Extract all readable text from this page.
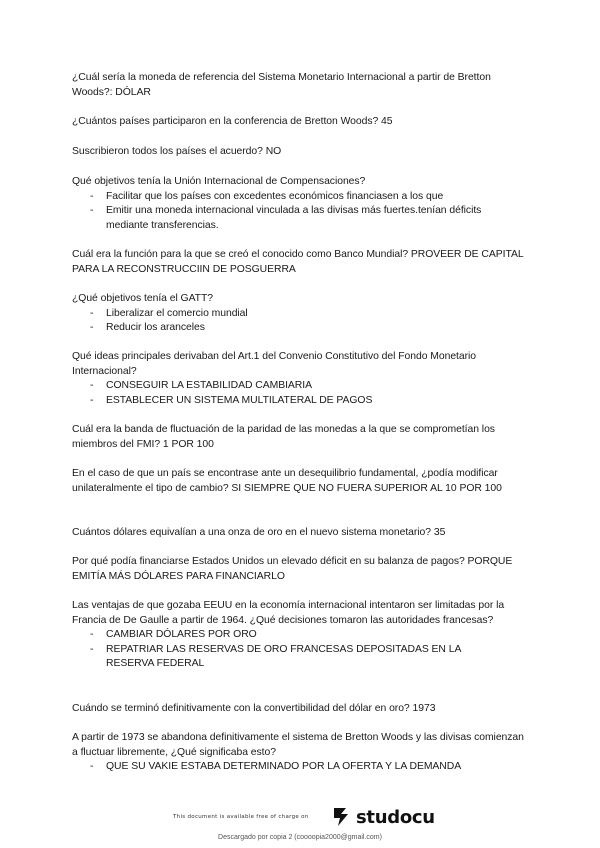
¿Cuál sería la moneda de referencia del Sistema Monetario Internacional a partir de Bretton Woods?: DÓLAR

¿Cuántos países participaron en la conferencia de Bretton Woods? 45

Suscribieron todos los países el acuerdo? NO

Qué objetivos tenía la Unión Internacional de Compensaciones?

- Facilitar que los países con excedentes económicos financiasen a los que
- Emitir una moneda internacional vinculada a las divisas más fuertes.tenían déficits mediante transferencias.

Cuál era la función para la que se creó el conocido como Banco Mundial? PROVEER DE CAPITAL PARA LA RECONSTRUCCIIN DE POSGUERRA

¿Qué objetivos tenía el GATT?

- Liberalizar el comercio mundial
- Reducir los aranceles

Qué ideas principales derivaban del Art.1 del Convenio Constitutivo del Fondo Monetario Internacional?

- CONSEGUIR LA ESTABILIDAD CAMBIARIA
- ESTABLECER UN SISTEMA MULTILATERAL DE PAGOS

Cuál era la banda de fluctuación de la paridad de las monedas a la que se comprometían los miembros del FMI? 1 POR 100

En el caso de que un país se encontrase ante un desequilibrio fundamental, ¿podía modificar unilateralmente el tipo de cambio? SI SIEMPRE QUE NO FUERA SUPERIOR AL 10 POR 100

Cuántos dólares equivalían a una onza de oro en el nuevo sistema monetario? 35

Por qué podía financiarse Estados Unidos un elevado déficit en su balanza de pagos? PORQUE EMITÍA MÁS DÓLARES PARA FINANCIARLO

Las ventajas de que gozaba EEUU en la economía internacional intentaron ser limitadas por la Francia de De Gaulle a partir de 1964. ¿Qué decisiones tomaron las autoridades francesas?

- CAMBIAR DÓLARES POR ORO
- REPATRIAR LAS RESERVAS DE ORO FRANCESAS DEPOSITADAS EN LA RESERVA FEDERAL

Cuándo se terminó definitivamente con la convertibilidad del dólar en oro? 1973

A partir de 1973 se abandona definitivamente el sistema de Bretton Woods y las divisas comienzan a fluctuar libremente, ¿Qué significaba esto?

- QUE SU VAKIE ESTABA DETERMINADO POR LA OFERTA Y LA DEMANDA
This document is available free of charge on	studocu
Descargado por copia 2 (coooopia2000@gmail.com)
